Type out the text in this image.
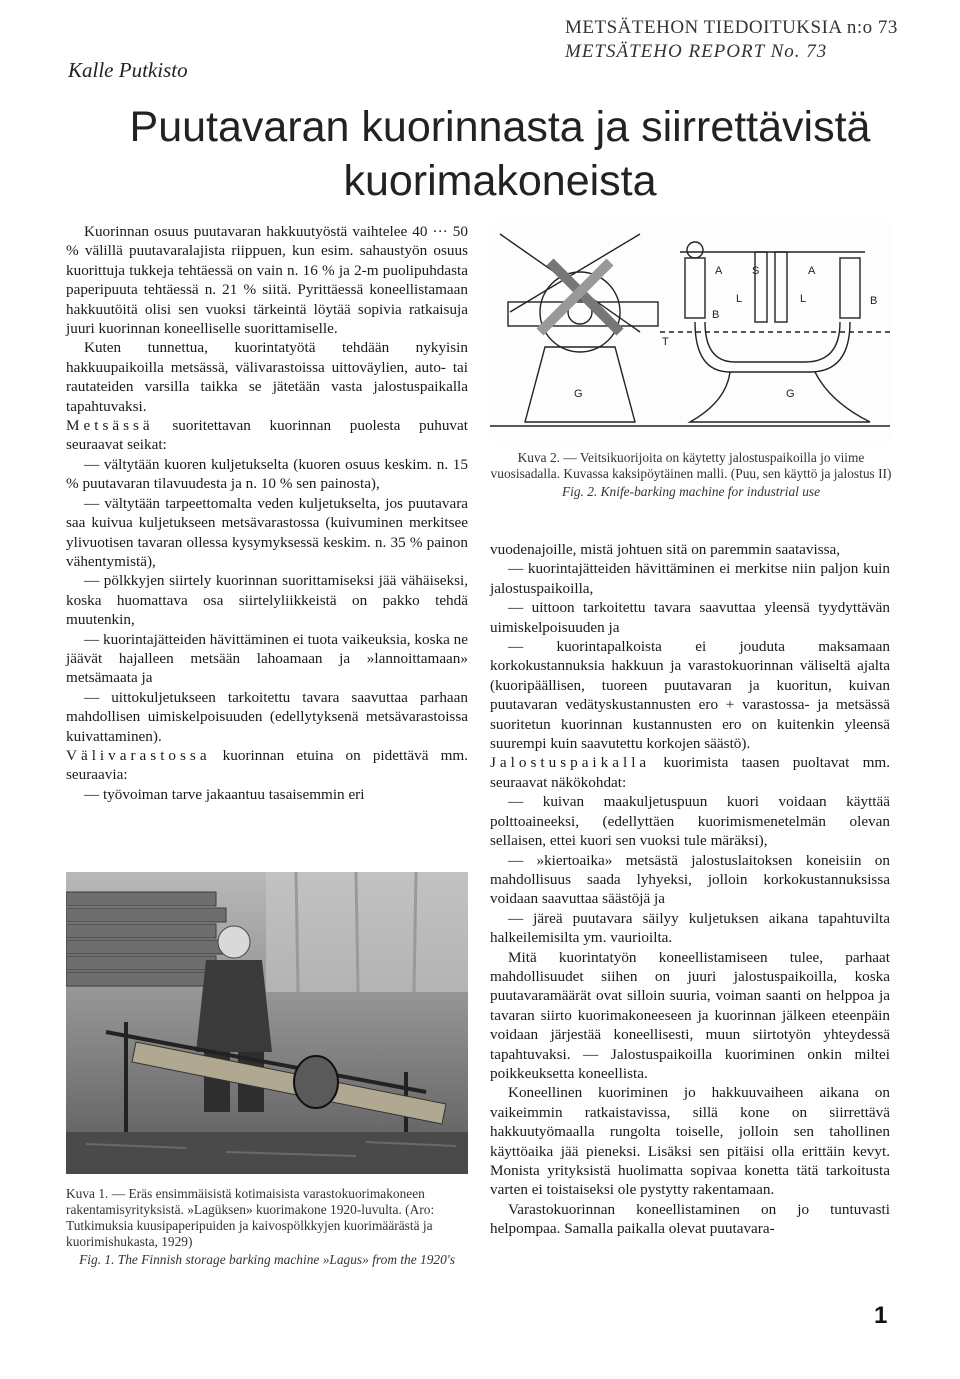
Kalle Putkisto
METSÄTEHON TIEDOITUKSIA n:o 73
METSÄTEHO REPORT No. 73
Puutavaran kuorinnasta ja siirrettävistä
kuorimakoneista

Kuorinnan osuus puutavaran hakkuutyöstä vaihtelee 40 ··· 50 % välillä puutavaralajista riippuen, kun esim. sahaustyön osuus kuorittuja tukkeja tehtäessä on vain n. 16 % ja 2-m puolipuhdasta paperipuuta tehtäessä n. 21 % siitä. Pyrittäessä koneellistamaan hakkuutöitä olisi sen vuoksi tärkeintä löytää sopivia ratkaisuja juuri kuorinnan koneelliselle suorittamiselle.

Kuten tunnettua, kuorintatyötä tehdään nykyisin hakkuupaikoilla metsässä, välivarastoissa uittoväylien, auto- tai rautateiden varsilla taikka se jätetään vasta jalostuspaikalla tapahtuvaksi.

Metsässä suoritettavan kuorinnan puolesta puhuvat seuraavat seikat:

— vältytään kuoren kuljetukselta (kuoren osuus keskim. n. 15 % puutavaran tilavuudesta ja n. 10 % sen painosta),

— vältytään tarpeettomalta veden kuljetukselta, jos puutavara saa kuivua kuljetukseen metsävarastossa (kuivuminen merkitsee ylivuotisen tavaran ollessa kysymyksessä keskim. n. 35 % painon vähentymistä),

— pölkkyjen siirtely kuorinnan suorittamiseksi jää vähäiseksi, koska huomattava osa siirtelyliikkeistä on pakko tehdä muutenkin,

— kuorintajätteiden hävittäminen ei tuota vaikeuksia, koska ne jäävät hajalleen metsään lahoamaan ja »lannoittamaan» metsämaata ja

— uittokuljetukseen tarkoitettu tavara saavuttaa parhaan mahdollisen uimiskelpoisuuden (edellytyksenä metsävarastoissa kuivattaminen).

Välivarastossa kuorinnan etuina on pidettävä mm. seuraavia:

— työvoiman tarve jakaantuu tasaisemmin eri

Kuva 1. — Eräs ensimmäisistä kotimaisista varastokuorimakoneen rakentamisyrityksistä. »Lagüksen» kuorimakone 1920-luvulta. (Aro: Tutkimuksia kuusipaperipuiden ja kaivospölkkyjen kuorimäärästä ja kuorimishukasta, 1929)

Fig. 1. The Finnish storage barking machine »Lagus» from the 1920's

A	S	A
L	L
B
B
T
G	G

Kuva 2. — Veitsikuorijoita on käytetty jalostuspaikoilla jo viime vuosisadalla. Kuvassa kaksipöytäinen malli. (Puu, sen käyttö ja jalostus II)

Fig. 2. Knife-barking machine for industrial use

vuodenajoille, mistä johtuen sitä on paremmin saatavissa,

— kuorintajätteiden hävittäminen ei merkitse niin paljon kuin jalostuspaikoilla,

— uittoon tarkoitettu tavara saavuttaa yleensä tyydyttävän uimiskelpoisuuden ja

— kuorintapalkoista ei jouduta maksamaan korkokustannuksia hakkuun ja varastokuorinnan väliseltä ajalta (kuoripäällisen, tuoreen puutavaran ja kuoritun, kuivan puutavaran vedätyskustannusten ero + varastossa- ja metsässä suoritetun kuorinnan kustannusten ero on kuitenkin yleensä suurempi kuin saavutettu korkojen säästö).

Jalostuspaikalla kuorimista taasen puoltavat mm. seuraavat näkökohdat:

— kuivan maakuljetuspuun kuori voidaan käyttää polttoaineeksi, (edellyttäen kuorimismenetelmän olevan sellaisen, ettei kuori sen vuoksi tule märäksi),

— »kiertoaika» metsästä jalostuslaitoksen koneisiin on mahdollisuus saada lyhyeksi, jolloin korkokustannuksissa voidaan saavuttaa säästöjä ja

— järeä puutavara säilyy kuljetuksen aikana tapahtuvilta halkeilemisilta ym. vaurioilta.

Mitä kuorintatyön koneellistamiseen tulee, parhaat mahdollisuudet siihen on juuri jalostuspaikoilla, koska puutavaramäärät ovat silloin suuria, voiman saanti on helppoa ja tavaran siirto kuorimakoneeseen ja kuorinnan jälkeen eteenpäin voidaan järjestää koneellisesti, muun siirtotyön yhteydessä tapahtuvaksi. — Jalostuspaikoilla kuoriminen onkin miltei poikkeuksetta koneellista.

Koneellinen kuoriminen jo hakkuuvaiheen aikana on vaikeimmin ratkaistavissa, sillä kone on siirrettävä hakkuutyömaalla rungolta toiselle, jolloin sen tahollinen käyttöaika jää pieneksi. Lisäksi sen pitäisi olla erittäin kevyt. Monista yrityksistä huolimatta sopivaa konetta tätä tarkoitusta varten ei toistaiseksi ole pystytty rakentamaan.

Varastokuorinnan koneellistaminen on jo tuntuvasti helpompaa. Samalla paikalla olevat puutavara-

1
